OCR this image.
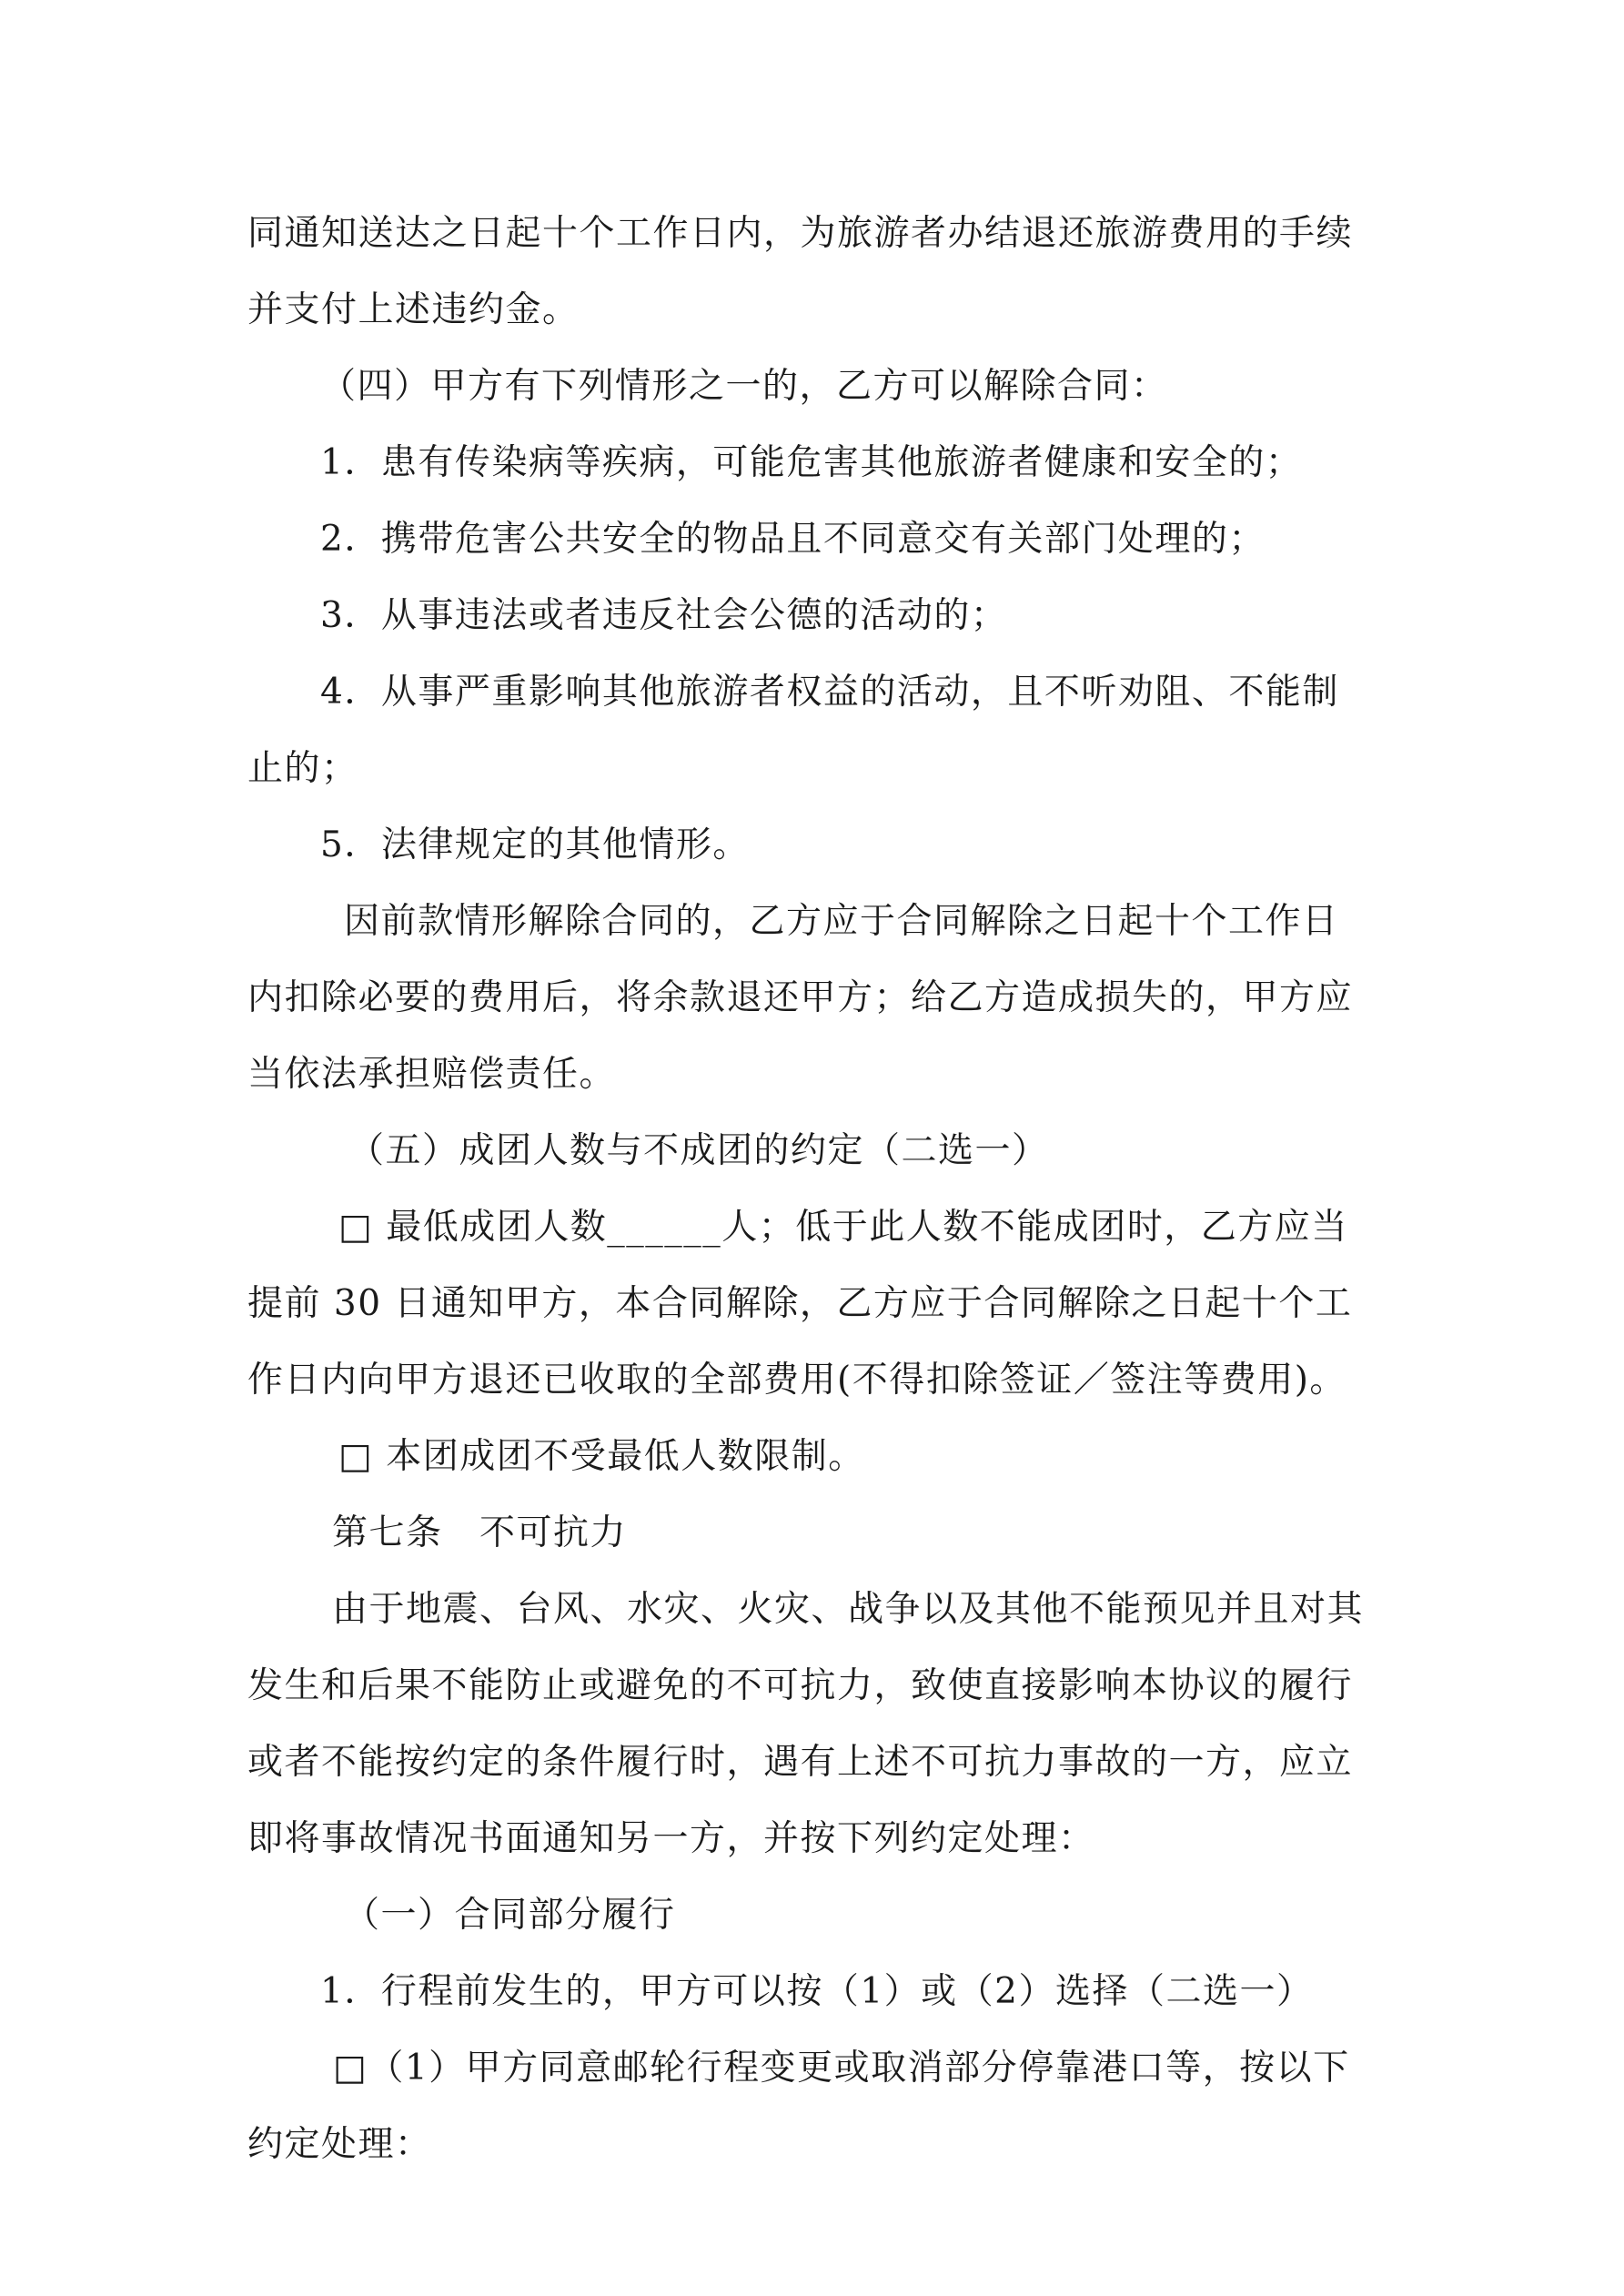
同通知送达之日起十个工作日内，为旅游者办结退还旅游费用的手续
并支付上述违约金。
（四）甲方有下列情形之一的，乙方可以解除合同：
1．患有传染病等疾病，可能危害其他旅游者健康和安全的；
2．携带危害公共安全的物品且不同意交有关部门处理的；
3．从事违法或者违反社会公德的活动的；
4．从事严重影响其他旅游者权益的活动，且不听劝阻、不能制
止的；
5．法律规定的其他情形。
因前款情形解除合同的，乙方应于合同解除之日起十个工作日
内扣除必要的费用后，将余款退还甲方；给乙方造成损失的，甲方应
当依法承担赔偿责任。
（五）成团人数与不成团的约定（二选一）
□ 最低成团人数______人；低于此人数不能成团时，乙方应当
提前 30 日通知甲方，本合同解除，乙方应于合同解除之日起十个工
作日内向甲方退还已收取的全部费用(不得扣除签证／签注等费用)。
□ 本团成团不受最低人数限制。
第七条　不可抗力
由于地震、台风、水灾、火灾、战争以及其他不能预见并且对其
发生和后果不能防止或避免的不可抗力，致使直接影响本协议的履行
或者不能按约定的条件履行时，遇有上述不可抗力事故的一方，应立
即将事故情况书面通知另一方，并按下列约定处理：
（一）合同部分履行
1．行程前发生的，甲方可以按（1）或（2）选择（二选一）
□（1）甲方同意邮轮行程变更或取消部分停靠港口等，按以下
约定处理：
